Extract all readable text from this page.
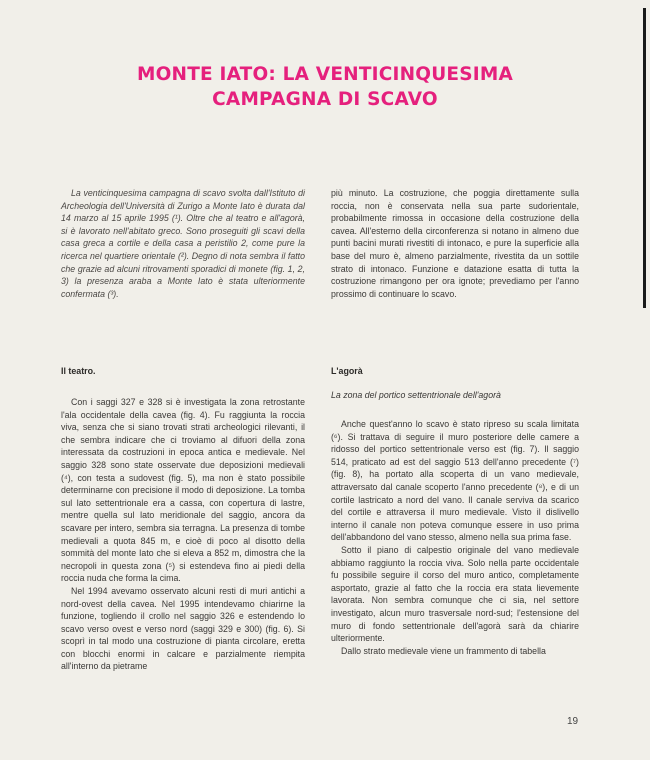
MONTE IATO: LA VENTICINQUESIMA
CAMPAGNA DI SCAVO

La venticinquesima campagna di scavo svolta dall'Istituto di Archeologia dell'Università di Zurigo a Monte Iato è durata dal 14 marzo al 15 aprile 1995 (¹). Oltre che al teatro e all'agorà, si è lavorato nell'abitato greco. Sono proseguiti gli scavi della casa greca a cortile e della casa a peristilio 2, come pure la ricerca nel quartiere orientale (²). Degno di nota sembra il fatto che grazie ad alcuni ritrovamenti sporadici di monete (fig. 1, 2, 3) la presenza araba a Monte Iato è stata ulteriormente confermata (³).

più minuto. La costruzione, che poggia direttamente sulla roccia, non è conservata nella sua parte sudorientale, probabilmente rimossa in occasione della costruzione della cavea. All'esterno della circonferenza si notano in almeno due punti bacini murati rivestiti di intonaco, e pure la superficie alla base del muro è, almeno parzialmente, rivestita da un sottile strato di intonaco. Funzione e datazione esatta di tutta la costruzione rimangono per ora ignote; prevediamo per l'anno prossimo di continuare lo scavo.

Il teatro.

Con i saggi 327 e 328 si è investigata la zona retrostante l'ala occidentale della cavea (fig. 4). Fu raggiunta la roccia viva, senza che si siano trovati strati archeologici rilevanti, il che sembra indicare che ci troviamo al difuori della zona interessata da costruzioni in epoca antica e medievale. Nel saggio 328 sono state osservate due deposizioni medievali (⁴), con testa a sudovest (fig. 5), ma non è stato possibile determinarne con precisione il modo di deposizione. La tomba sul lato settentrionale era a cassa, con copertura di lastre, mentre quella sul lato meridionale del saggio, ancora da scavare per intero, sembra sia terragna. La presenza di tombe medievali a quota 845 m, e cioè di poco al disotto della sommità del monte Iato che si eleva a 852 m, dimostra che la necropoli in questa zona (⁵) si estendeva fino ai piedi della roccia nuda che forma la cima.

Nel 1994 avevamo osservato alcuni resti di muri antichi a nord-ovest della cavea. Nel 1995 intendevamo chiarirne la funzione, togliendo il crollo nel saggio 326 e estendendo lo scavo verso ovest e verso nord (saggi 329 e 300) (fig. 6). Si scoprì in tal modo una costruzione di pianta circolare, eretta con blocchi enormi in calcare e parzialmente riempita all'interno da pietrame

L'agorà

La zona del portico settentrionale dell'agorà

Anche quest'anno lo scavo è stato ripreso su scala limitata (⁶). Si trattava di seguire il muro posteriore delle camere a ridosso del portico settentrionale verso est (fig. 7). Il saggio 514, praticato ad est del saggio 513 dell'anno precedente (⁷) (fig. 8), ha portato alla scoperta di un vano medievale, attraversato dal canale scoperto l'anno precedente (⁸), e di un cortile lastricato a nord del vano. Il canale serviva da scarico del cortile e attraversa il muro medievale. Visto il dislivello interno il canale non poteva comunque essere in uso prima dell'abbandono del vano stesso, almeno nella sua prima fase.

Sotto il piano di calpestio originale del vano medievale abbiamo raggiunto la roccia viva. Solo nella parte occidentale fu possibile seguire il corso del muro antico, completamente asportato, grazie al fatto che la roccia era stata lievemente lavorata. Non sembra comunque che ci sia, nel settore investigato, alcun muro trasversale nord-sud; l'estensione del muro di fondo settentrionale dell'agorà sarà da chiarire ulteriormente.

Dallo strato medievale viene un frammento di tabella

19
